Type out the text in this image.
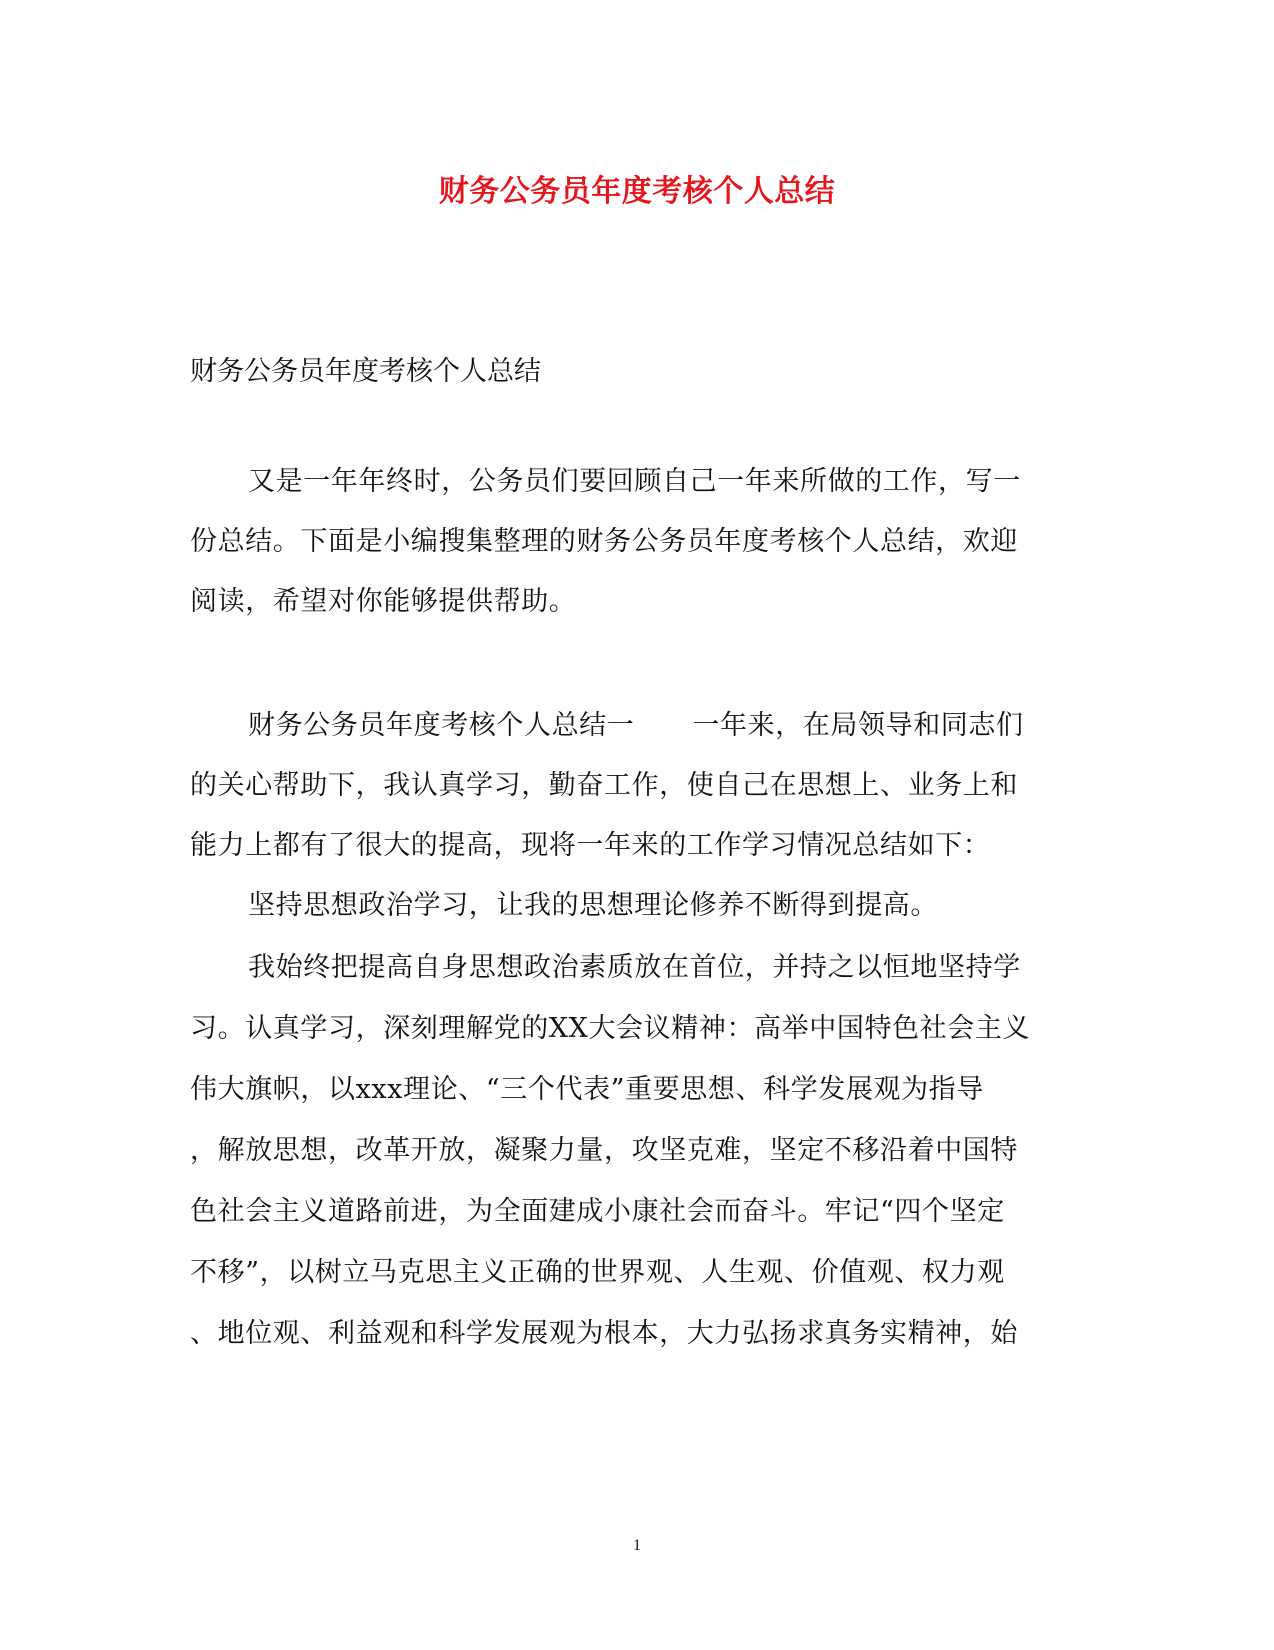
财务公务员年度考核个人总结
财务公务员年度考核个人总结
又是一年年终时，公务员们要回顾自己一年来所做的工作，写一
份总结。下面是小编搜集整理的财务公务员年度考核个人总结，欢迎
阅读，希望对你能够提供帮助。
财务公务员年度考核个人总结一 一年来，在局领导和同志们
的关心帮助下，我认真学习，勤奋工作，使自己在思想上、业务上和
能力上都有了很大的提高，现将一年来的工作学习情况总结如下：
坚持思想政治学习，让我的思想理论修养不断得到提高。
我始终把提高自身思想政治素质放在首位，并持之以恒地坚持学
习。认真学习，深刻理解党的XX大会议精神：高举中国特色社会主义
伟大旗帜，以xxx理论、“三个代表”重要思想、科学发展观为指导
，解放思想，改革开放，凝聚力量，攻坚克难，坚定不移沿着中国特
色社会主义道路前进，为全面建成小康社会而奋斗。牢记“四个坚定
不移”，以树立马克思主义正确的世界观、人生观、价值观、权力观
、地位观、利益观和科学发展观为根本，大力弘扬求真务实精神，始
1
